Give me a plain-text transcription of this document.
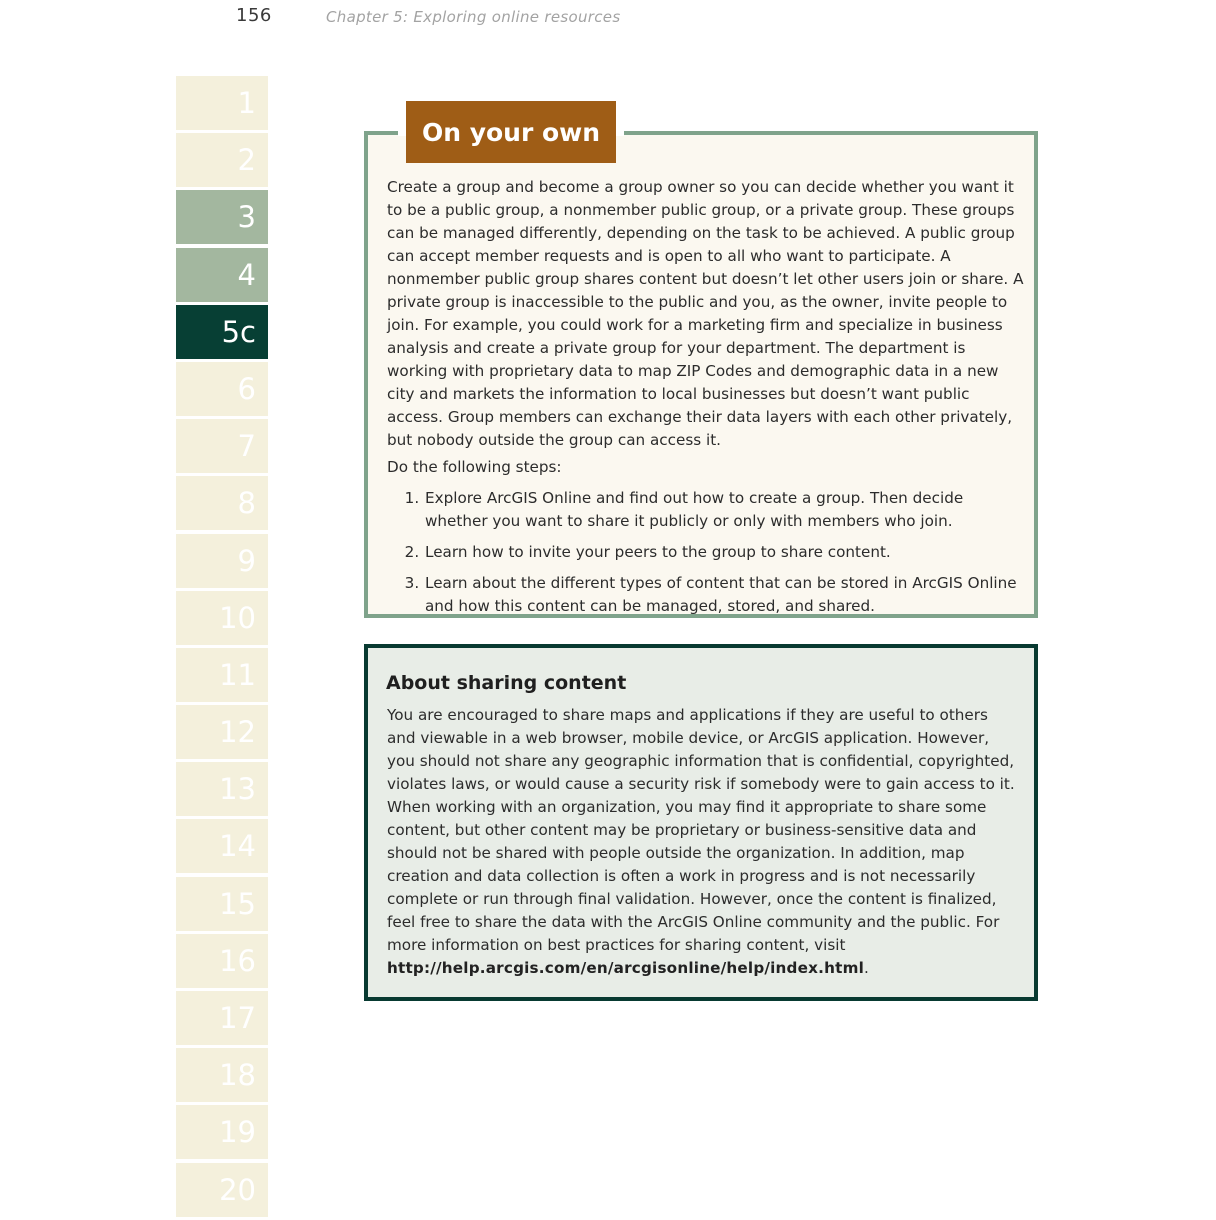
156	Chapter 5: Exploring online resources
1
2
3
4
5c
6
7
8
9
10
11
12
13
14
15
16
17
18
19
20

Create a group and become a group owner so you can decide whether you want it to be a public group, a nonmember public group, or a private group. These groups can be managed differently, depending on the task to be achieved. A public group can accept member requests and is open to all who want to participate. A nonmember public group shares content but doesn’t let other users join or share. A private group is inaccessible to the public and you, as the owner, invite people to join. For example, you could work for a marketing firm and specialize in business analysis and create a private group for your department. The department is working with proprietary data to map ZIP Codes and demographic data in a new city and markets the information to local businesses but doesn’t want public access. Group members can exchange their data layers with each other privately, but nobody outside the group can access it.

Do the following steps:

1. Explore ArcGIS Online and find out how to create a group. Then decide whether you want to share it publicly or only with members who join.
2. Learn how to invite your peers to the group to share content.
3. Learn about the different types of content that can be stored in ArcGIS Online and how this content can be managed, stored, and shared.
On your own
About sharing content
You are encouraged to share maps and applications if they are useful to others and viewable in a web browser, mobile device, or ArcGIS application. However, you should not share any geographic information that is confidential, copyrighted, violates laws, or would cause a security risk if somebody were to gain access to it. When working with an organization, you may find it appropriate to share some content, but other content may be proprietary or business-sensitive data and should not be shared with people outside the organization. In addition, map creation and data collection is often a work in progress and is not necessarily complete or run through final validation. However, once the content is finalized, feel free to share the data with the ArcGIS Online community and the public. For more information on best practices for sharing content, visit http://help.arcgis.com/en/arcgisonline/help/index.html.
